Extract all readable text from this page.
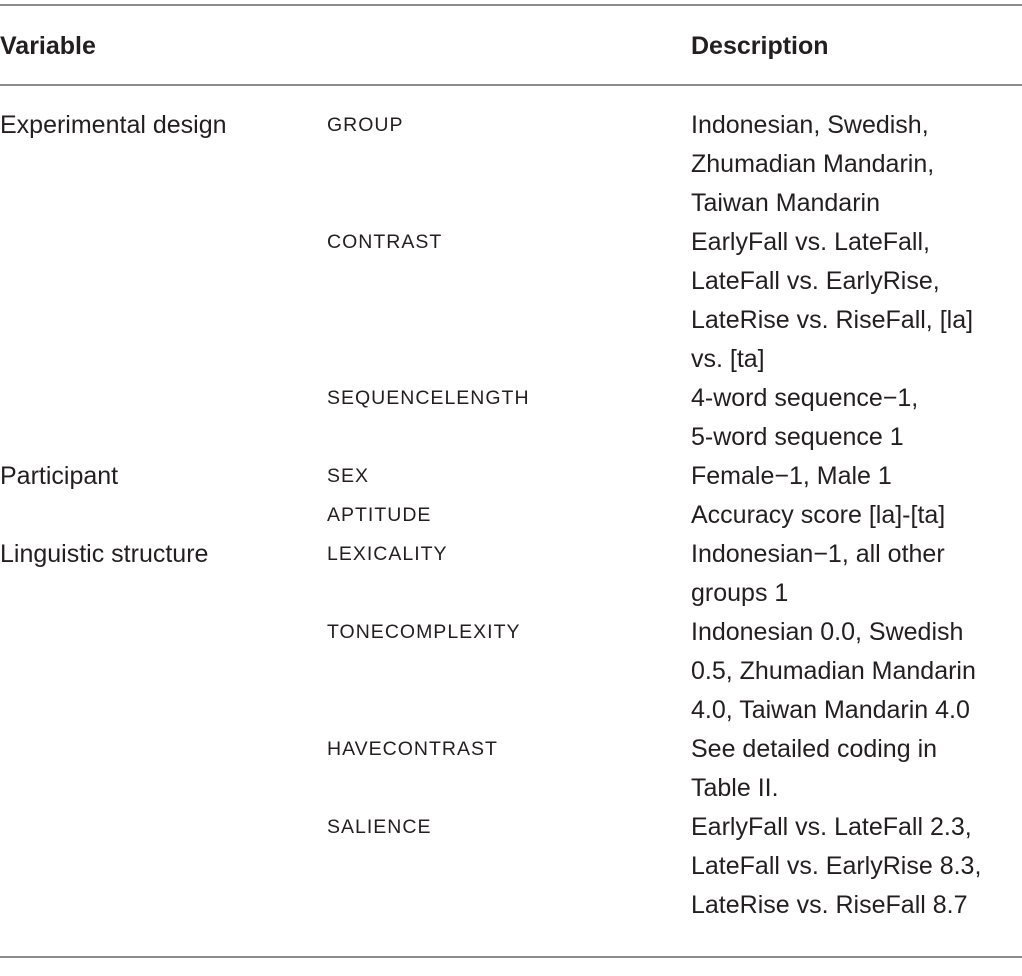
Variable	Description
Experimental design	GROUP	Indonesian, Swedish,
Zhumadian Mandarin,
Taiwan Mandarin
CONTRAST	EarlyFall vs. LateFall,
LateFall vs. EarlyRise,
LateRise vs. RiseFall, [la]
vs. [ta]
SEQUENCELENGTH	4-word sequence−1,
5-word sequence 1
Participant	SEX	Female−1, Male 1
APTITUDE	Accuracy score [la]-[ta]
Linguistic structure	LEXICALITY	Indonesian−1, all other
groups 1
TONECOMPLEXITY	Indonesian 0.0, Swedish
0.5, Zhumadian Mandarin
4.0, Taiwan Mandarin 4.0
HAVECONTRAST	See detailed coding in
Table II.
SALIENCE	EarlyFall vs. LateFall 2.3,
LateFall vs. EarlyRise 8.3,
LateRise vs. RiseFall 8.7
